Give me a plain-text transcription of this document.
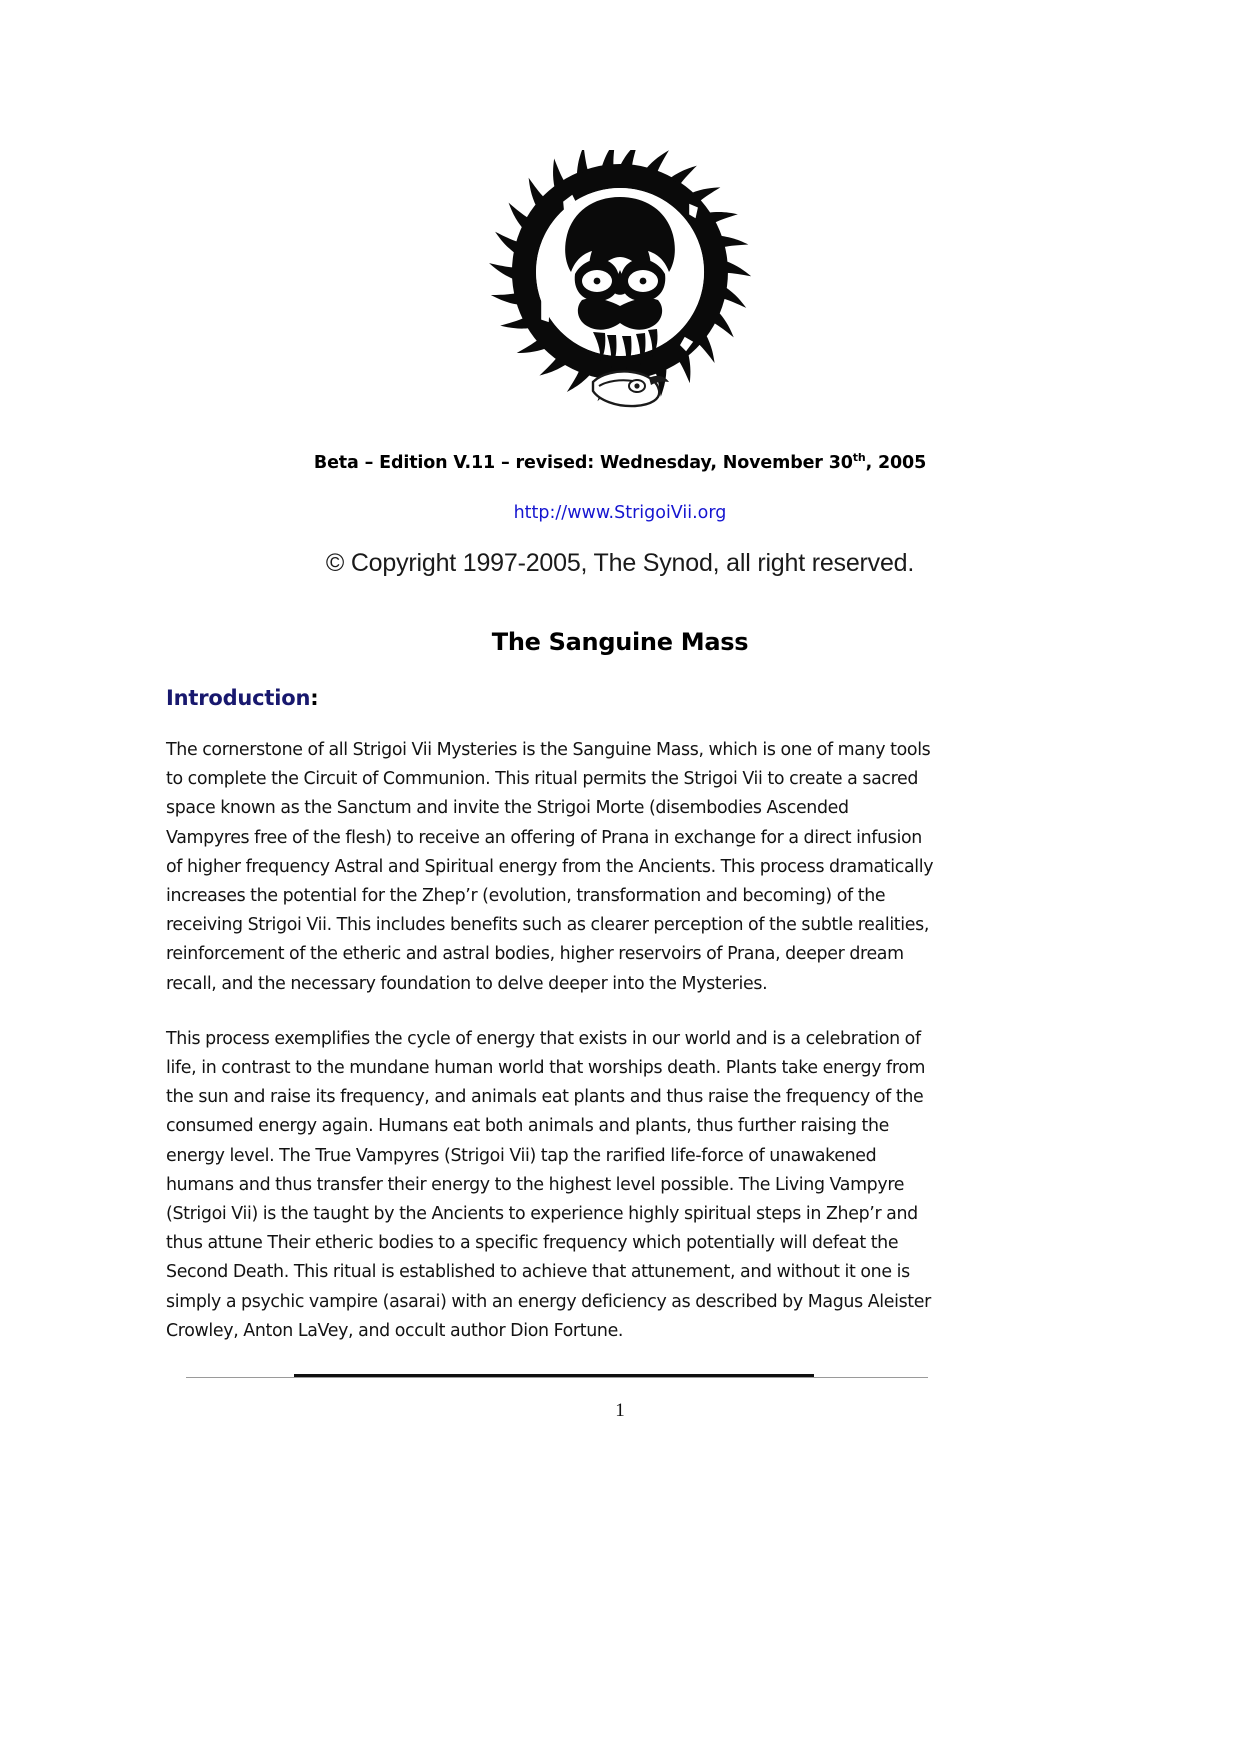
Beta – Edition V.11 – revised: Wednesday, November 30th, 2005
http://www.StrigoiVii.org
© Copyright 1997-2005, The Synod, all right reserved.
The Sanguine Mass
Introduction:

The cornerstone of all Strigoi Vii Mysteries is the Sanguine Mass, which is one of many tools to complete the Circuit of Communion. This ritual permits the Strigoi Vii to create a sacred space known as the Sanctum and invite the Strigoi Morte (disembodies Ascended Vampyres free of the flesh) to receive an offering of Prana in exchange for a direct infusion of higher frequency Astral and Spiritual energy from the Ancients. This process dramatically increases the potential for the Zhep’r (evolution, transformation and becoming) of the receiving Strigoi Vii. This includes benefits such as clearer perception of the subtle realities, reinforcement of the etheric and astral bodies, higher reservoirs of Prana, deeper dream recall, and the necessary foundation to delve deeper into the Mysteries.

This process exemplifies the cycle of energy that exists in our world and is a celebration of life, in contrast to the mundane human world that worships death. Plants take energy from the sun and raise its frequency, and animals eat plants and thus raise the frequency of the consumed energy again. Humans eat both animals and plants, thus further raising the energy level. The True Vampyres (Strigoi Vii) tap the rarified life-force of unawakened humans and thus transfer their energy to the highest level possible. The Living Vampyre (Strigoi Vii) is the taught by the Ancients to experience highly spiritual steps in Zhep’r and thus attune Their etheric bodies to a specific frequency which potentially will defeat the Second Death. This ritual is established to achieve that attunement, and without it one is simply a psychic vampire (asarai) with an energy deficiency as described by Magus Aleister Crowley, Anton LaVey, and occult author Dion Fortune.

1
